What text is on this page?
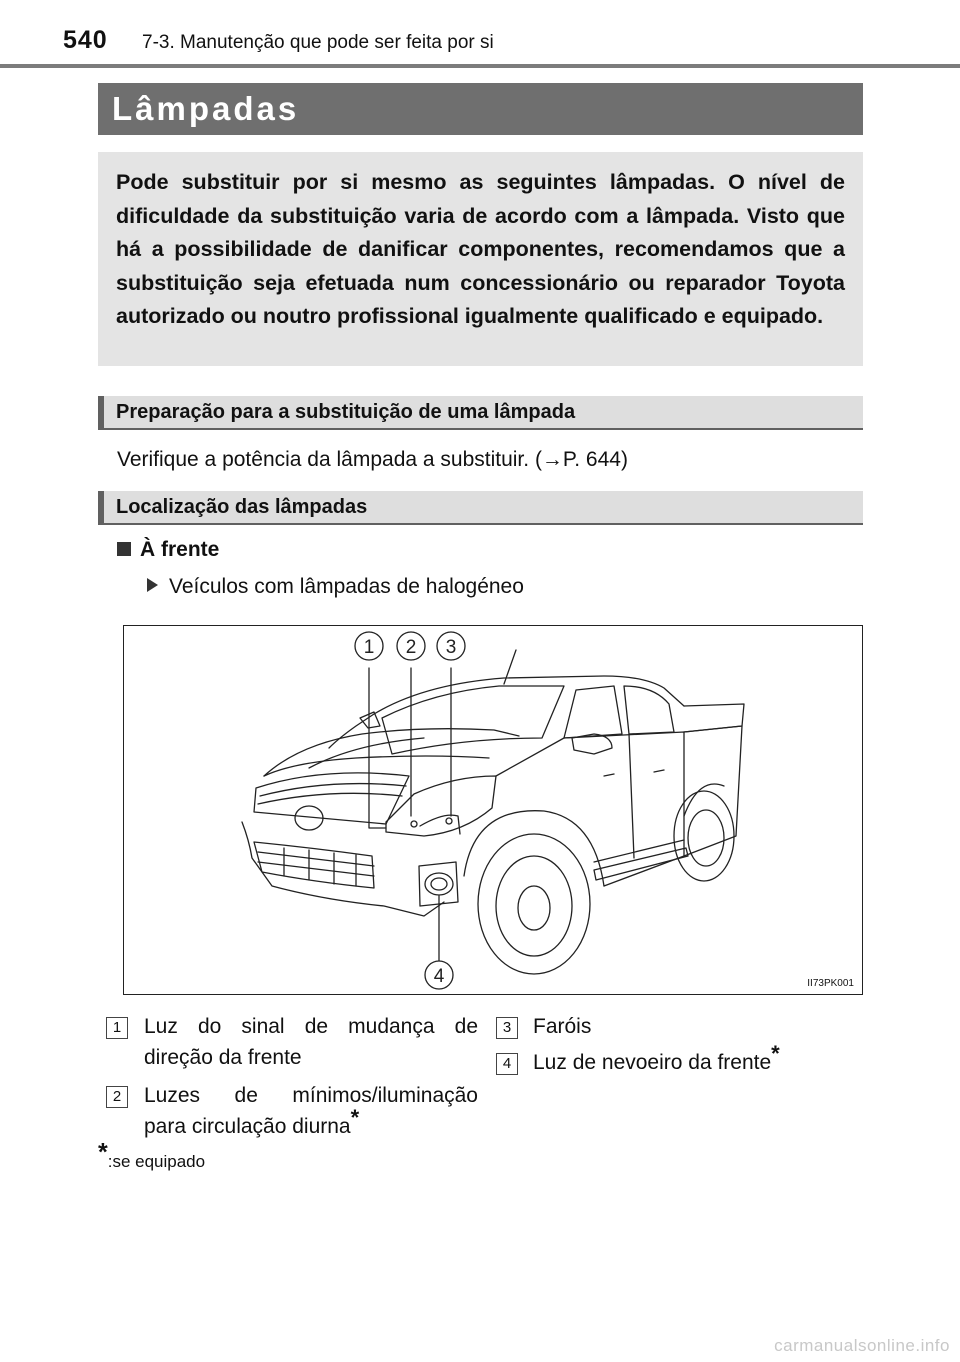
540 7-3. Manutenção que pode ser feita por si
Lâmpadas

Pode substituir por si mesmo as seguintes lâmpadas. O nível de dificuldade da substituição varia de acordo com a lâmpada. Visto que há a possibilidade de danificar componentes, recomendamos que a substituição seja efetuada num concessionário ou reparador Toyota autorizado ou noutro profissional igualmente qualificado e equipado.

Preparação para a substituição de uma lâmpada
Verifique a potência da lâmpada a substituir. (→P. 644)
Localização das lâmpadas
À frente
Veículos com lâmpadas de halogéneo
1 2 3
4	II73PK001
1	Luz do sinal de mudança de
direção da frente
2	Luzes de mínimos/iluminação
para circulação diurna*
3	Faróis
4	Luz de nevoeiro da frente*
*:se equipado
carmanualsonline.info
